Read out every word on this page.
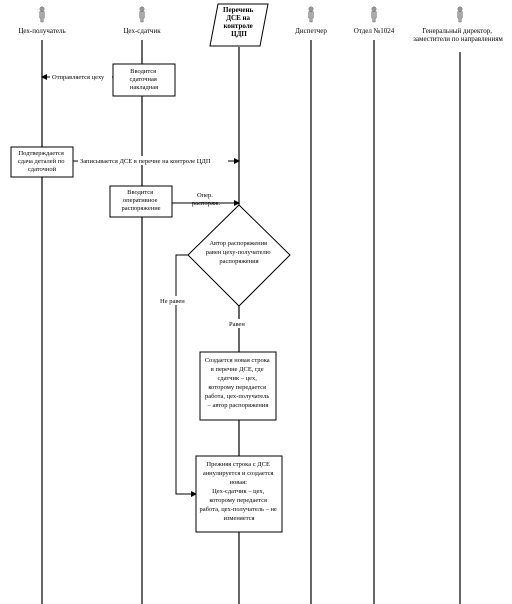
Цех-получатель	Цех-сдатчик
Перечень ДСЕ на контроле ЦДП	Диспетчер	Отдел №1024	Генеральный директор, заместители по направлениям
Вводится сдаточная накладная
Отправляется цеху
Подтверждается сдача деталей по сдаточной
Записывается ДСЕ в перечне на контроле ЦДП
Вводится оперативное распоряжение
Опер. распоряж.
Автор распоряжения равен цеху-получателю распоряжения
Не равен
Равен
Создается новая строка в перечне ДСЕ, где сдатчик – цех, которому передается работа, цех-получатель – автор распоряжения
Прежняя строка с ДСЕ аннулируется и создается новая: Цех-сдатчик – цех, которому передается работа, цех-получатель – не изменяется
